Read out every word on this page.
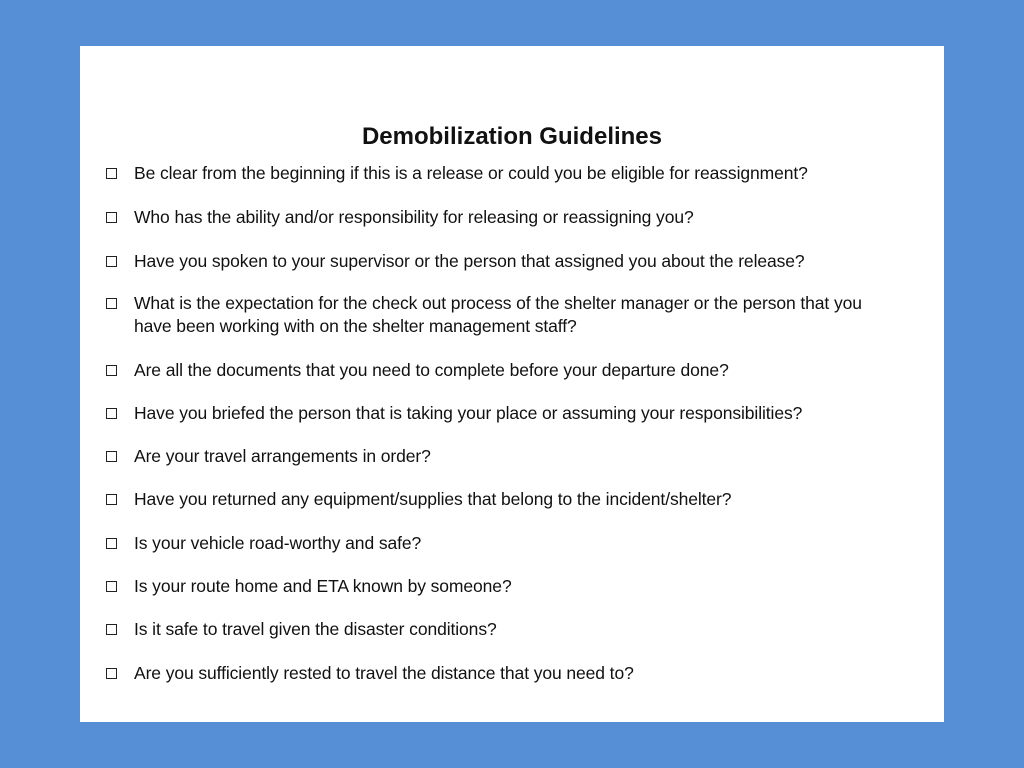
Demobilization Guidelines
Be clear from the beginning if this is a release or could you be eligible for reassignment?
Who has the ability and/or responsibility for releasing or reassigning you?
Have you spoken to your supervisor or the person that assigned you about the release?
What is the expectation for the check out process of the shelter manager or the person that you have been working with on the shelter management staff?
Are all the documents that you need to complete before your departure done?
Have you briefed the person that is taking your place or assuming your responsibilities?
Are your travel arrangements in order?
Have you returned any equipment/supplies that belong to the incident/shelter?
Is your vehicle road-worthy and safe?
Is your route home and ETA known by someone?
Is it safe to travel given the disaster conditions?
Are you sufficiently rested to travel the distance that you need to?
